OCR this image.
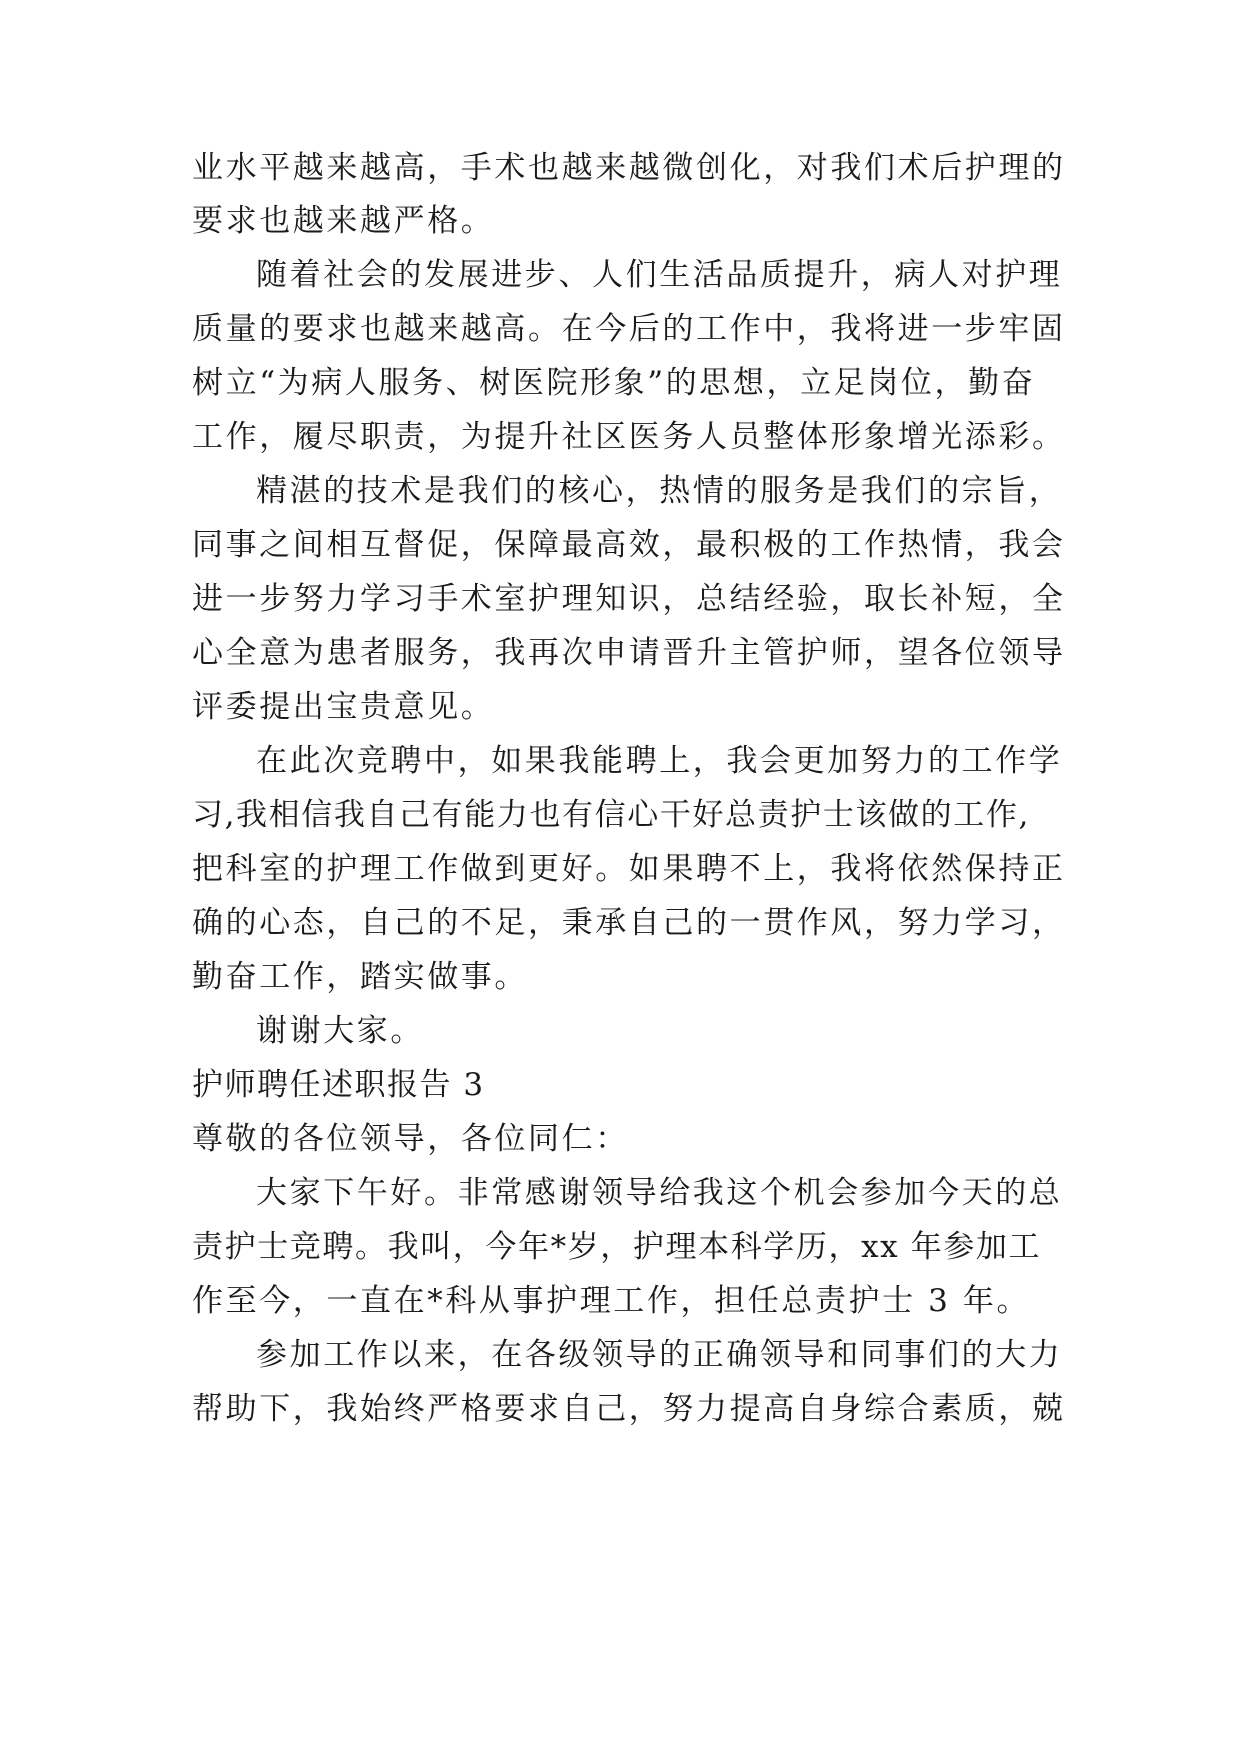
业水平越来越高，手术也越来越微创化，对我们术后护理的
要求也越来越严格。
随着社会的发展进步、人们生活品质提升，病人对护理
质量的要求也越来越高。在今后的工作中，我将进一步牢固
树立“为病人服务、树医院形象”的思想，立足岗位，勤奋
工作，履尽职责，为提升社区医务人员整体形象增光添彩。
精湛的技术是我们的核心，热情的服务是我们的宗旨，
同事之间相互督促，保障最高效，最积极的工作热情，我会
进一步努力学习手术室护理知识，总结经验，取长补短，全
心全意为患者服务，我再次申请晋升主管护师，望各位领导
评委提出宝贵意见。
在此次竞聘中，如果我能聘上，我会更加努力的工作学
习,我相信我自己有能力也有信心干好总责护士该做的工作,
把科室的护理工作做到更好。如果聘不上，我将依然保持正
确的心态，自己的不足，秉承自己的一贯作风，努力学习，
勤奋工作，踏实做事。
谢谢大家。
护师聘任述职报告 3
尊敬的各位领导，各位同仁：
大家下午好。非常感谢领导给我这个机会参加今天的总
责护士竞聘。我叫，今年*岁，护理本科学历，xx 年参加工
作至今，一直在*科从事护理工作，担任总责护士 3 年。
参加工作以来，在各级领导的正确领导和同事们的大力
帮助下，我始终严格要求自己，努力提高自身综合素质，兢
